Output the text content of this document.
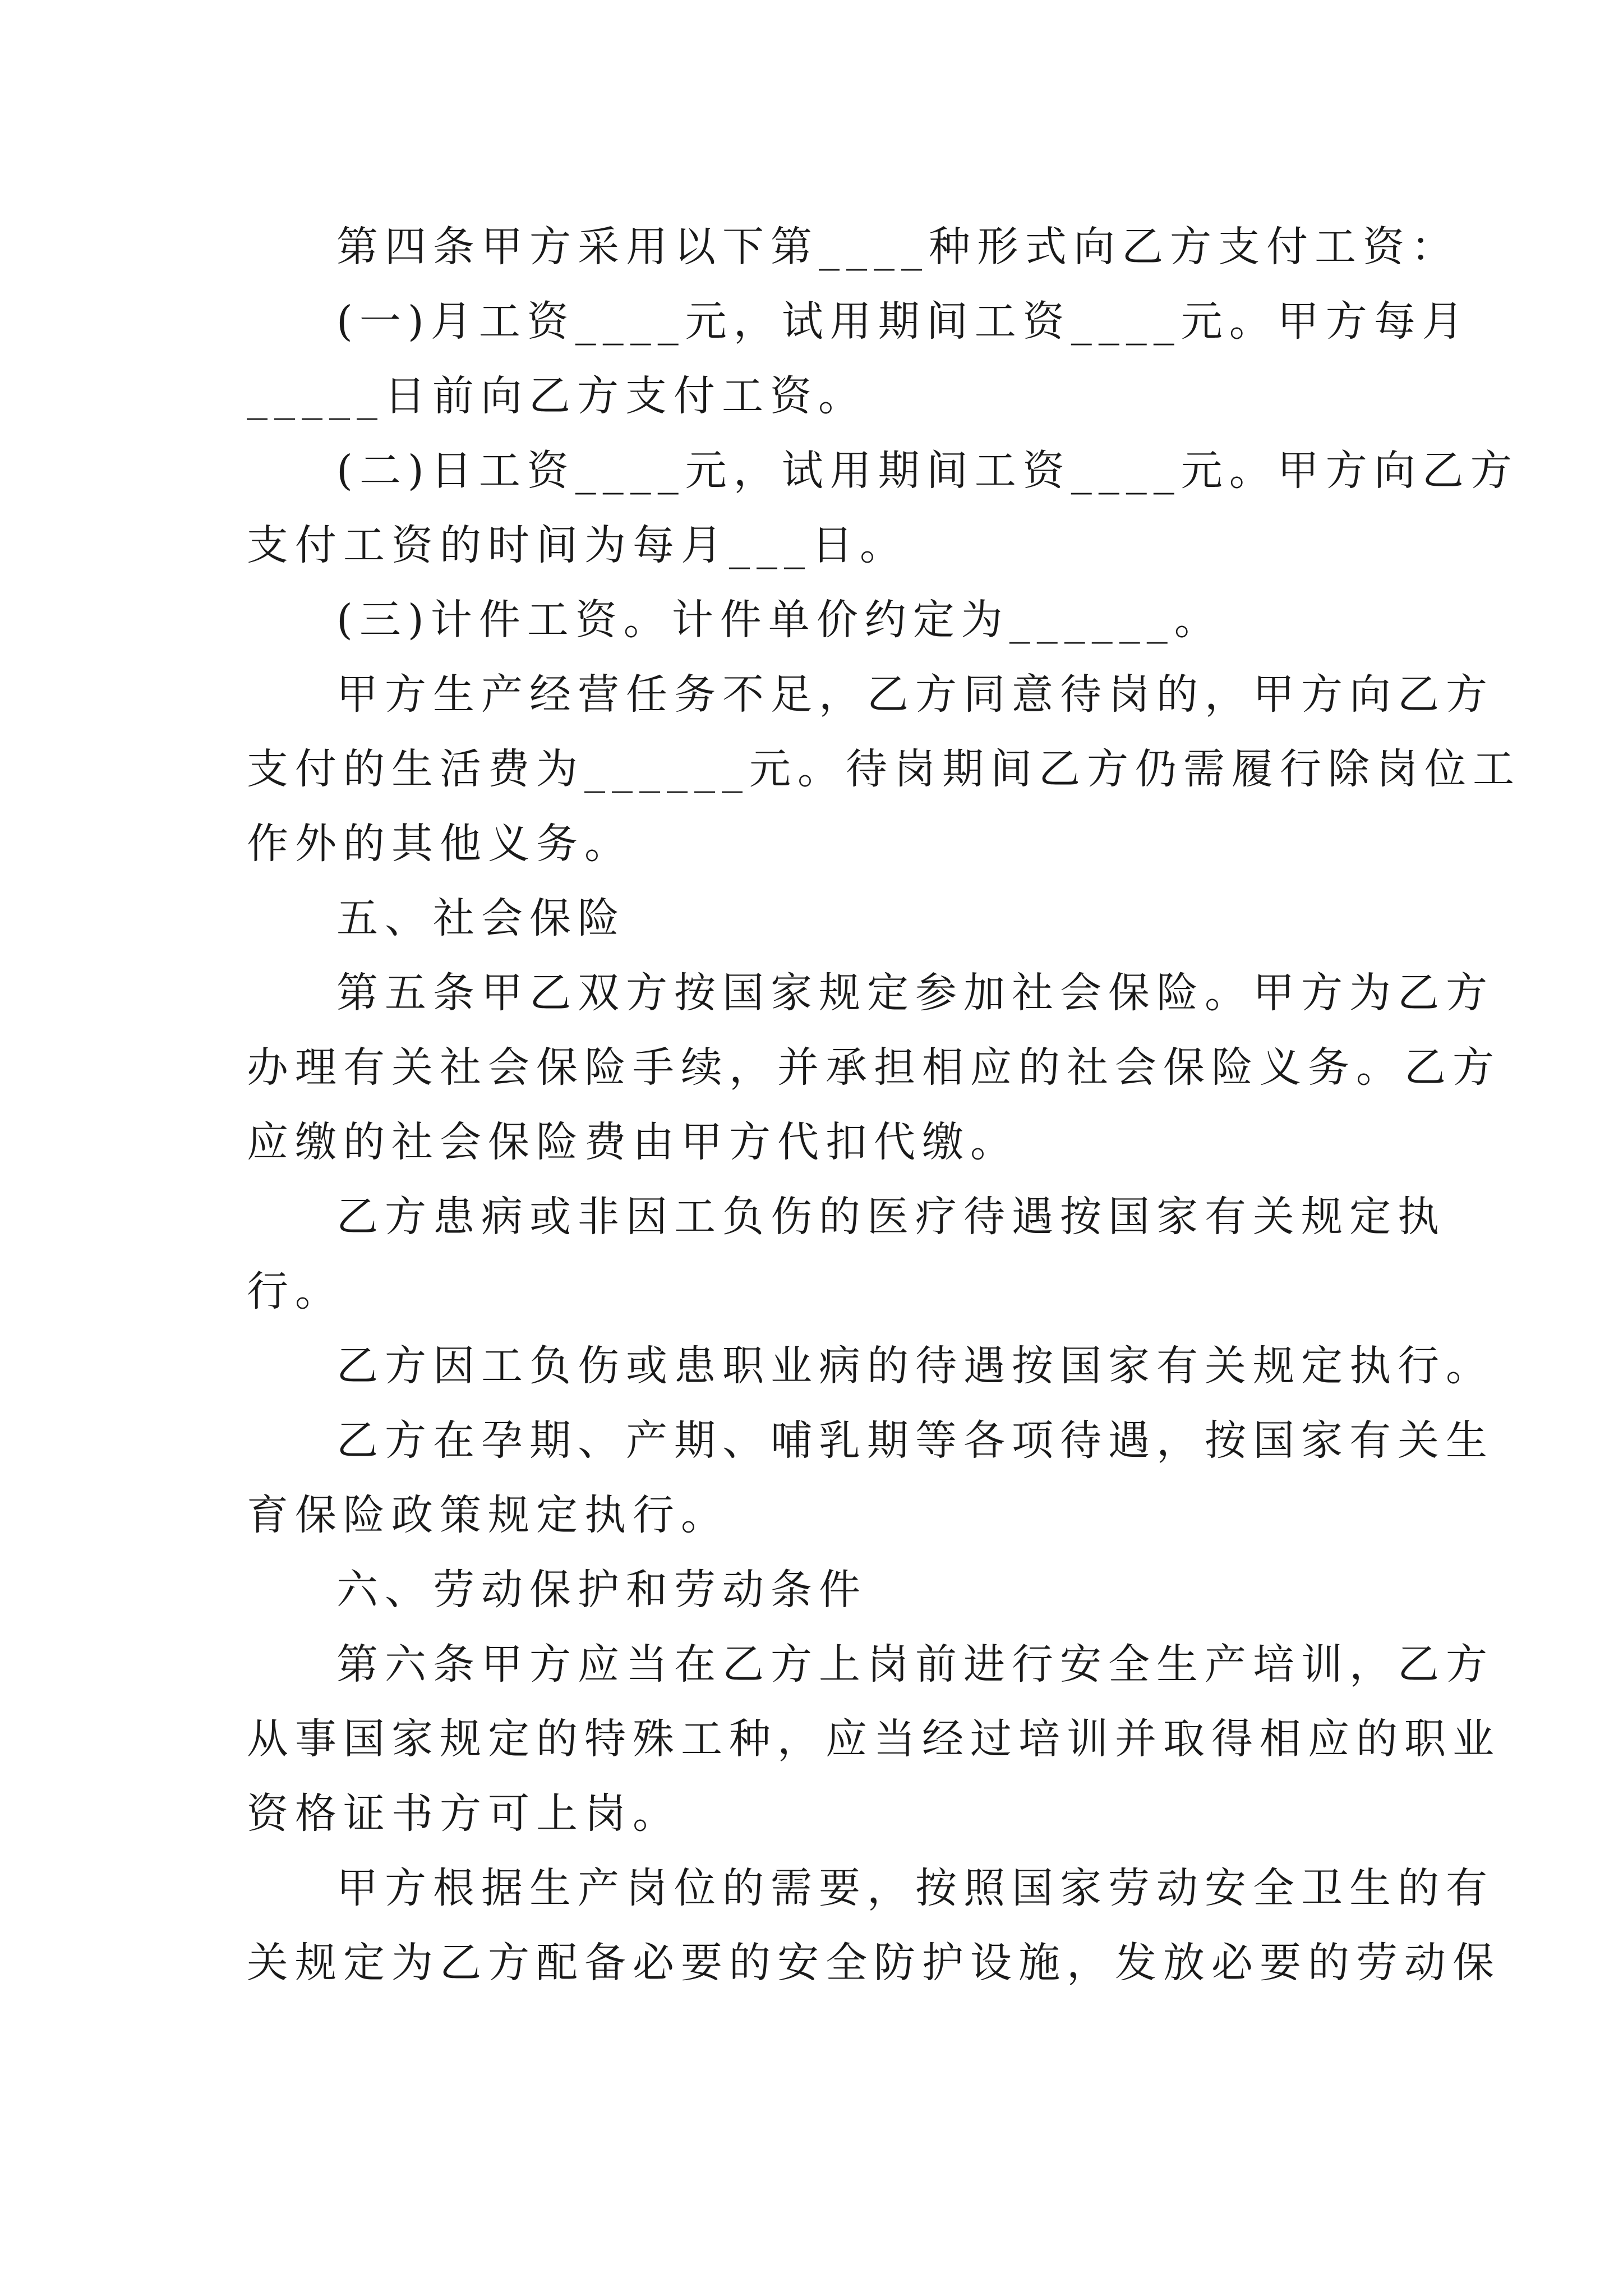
第四条甲方采用以下第____种形式向乙方支付工资：
(一)月工资____元，试用期间工资____元。甲方每月
_____日前向乙方支付工资。
(二)日工资____元，试用期间工资____元。甲方向乙方
支付工资的时间为每月___日。
(三)计件工资。计件单价约定为______。
甲方生产经营任务不足，乙方同意待岗的，甲方向乙方
支付的生活费为______元。待岗期间乙方仍需履行除岗位工
作外的其他义务。
五、社会保险
第五条甲乙双方按国家规定参加社会保险。甲方为乙方
办理有关社会保险手续，并承担相应的社会保险义务。乙方
应缴的社会保险费由甲方代扣代缴。
乙方患病或非因工负伤的医疗待遇按国家有关规定执
行。
乙方因工负伤或患职业病的待遇按国家有关规定执行。
乙方在孕期、产期、哺乳期等各项待遇，按国家有关生
育保险政策规定执行。
六、劳动保护和劳动条件
第六条甲方应当在乙方上岗前进行安全生产培训，乙方
从事国家规定的特殊工种，应当经过培训并取得相应的职业
资格证书方可上岗。
甲方根据生产岗位的需要，按照国家劳动安全卫生的有
关规定为乙方配备必要的安全防护设施，发放必要的劳动保
